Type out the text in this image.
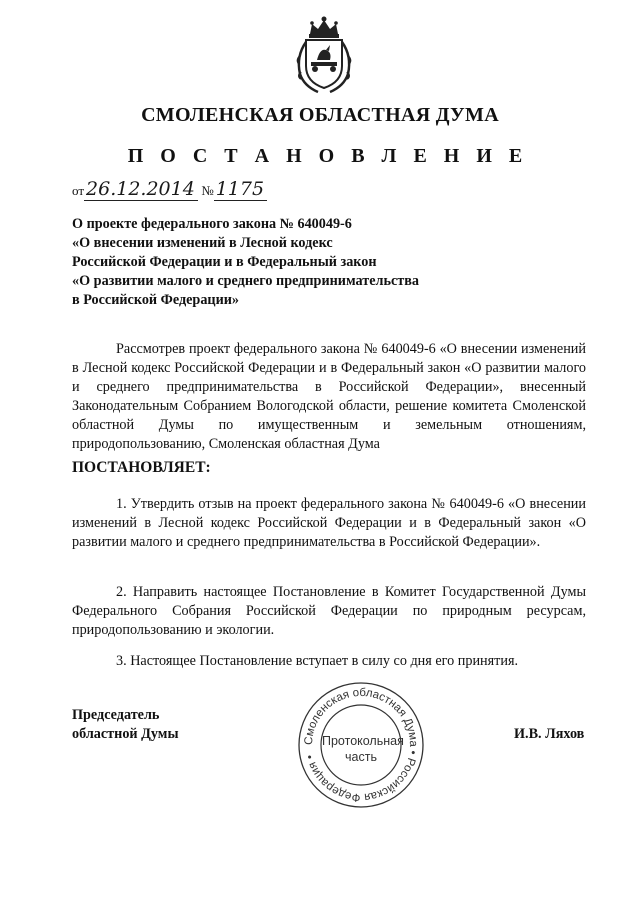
СМОЛЕНСКАЯ ОБЛАСТНАЯ ДУМА
П О С Т А Н О В Л Е Н И Е
от 26.12.2014 № 1175
О проекте федерального закона № 640049-6
«О внесении изменений в Лесной кодекс
Российской Федерации и в Федеральный закон
«О развитии малого и среднего предпринимательства
в Российской Федерации»
Рассмотрев проект федерального закона № 640049-6 «О внесении изменений в Лесной кодекс Российской Федерации и в Федеральный закон «О развитии малого и среднего предпринимательства в Российской Федерации», внесенный Законодательным Собранием Вологодской области, решение комитета Смоленской областной Думы по имущественным и земельным отношениям, природопользованию, Смоленская областная Дума
ПОСТАНОВЛЯЕТ:
1. Утвердить отзыв на проект федерального закона № 640049-6 «О внесении изменений в Лесной кодекс Российской Федерации и в Федеральный закон «О развитии малого и среднего предпринимательства в Российской Федерации».
2. Направить настоящее Постановление в Комитет Государственной Думы Федерального Собрания Российской Федерации по природным ресурсам, природопользованию и экологии.
3. Настоящее Постановление вступает в силу со дня его принятия.
Председатель
областной Думы	Смоленская областная Дума • Российская Федерация •
Протокольная
часть
И.В. Ляхов
